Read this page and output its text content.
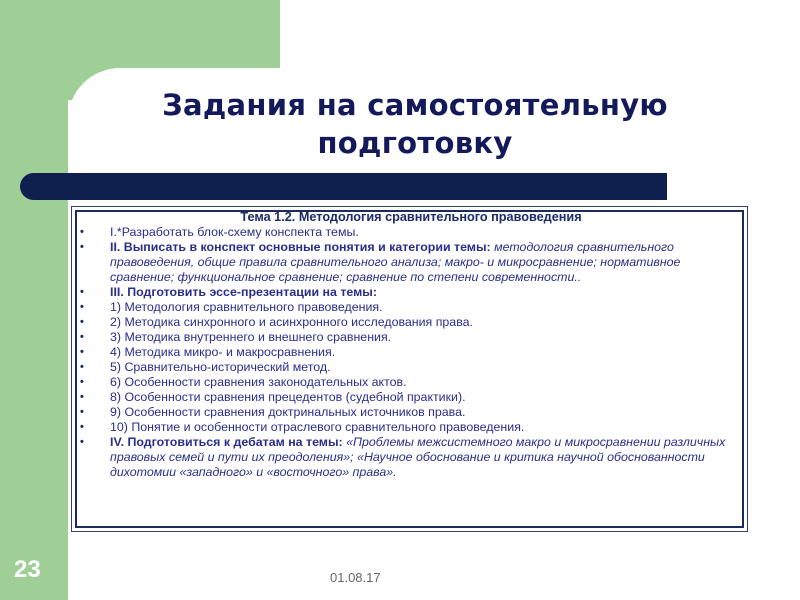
Задания на самостоятельную
подготовку
Тема 1.2. Методология сравнительного правоведения
• I.*Разработать блок-схему конспекта темы.
• II. Выписать в конспект основные понятия и категории темы: методология сравнительного правоведения, общие правила сравнительного анализа; макро- и микросравнение; нормативное сравнение; функциональное сравнение; сравнение по степени современности..
• III. Подготовить эссе-презентации на темы:
• 1) Методология сравнительного правоведения.
• 2) Методика синхронного и асинхронного исследования права.
• 3) Методика внутреннего и внешнего сравнения.
• 4) Методика микро- и макросравнения.
• 5) Сравнительно-исторический метод.
• 6) Особенности сравнения законодательных актов.
• 8) Особенности сравнения прецедентов (судебной практики).
• 9) Особенности сравнения доктринальных источников права.
• 10) Понятие и особенности отраслевого сравнительного правоведения.
• IV. Подготовиться к дебатам на темы: «Проблемы межсистемного макро и микросравнении различных правовых семей и пути их преодоления»; «Научное обоснование и критика научной обоснованности дихотомии «западного» и «восточного» права».
23	01.08.17
